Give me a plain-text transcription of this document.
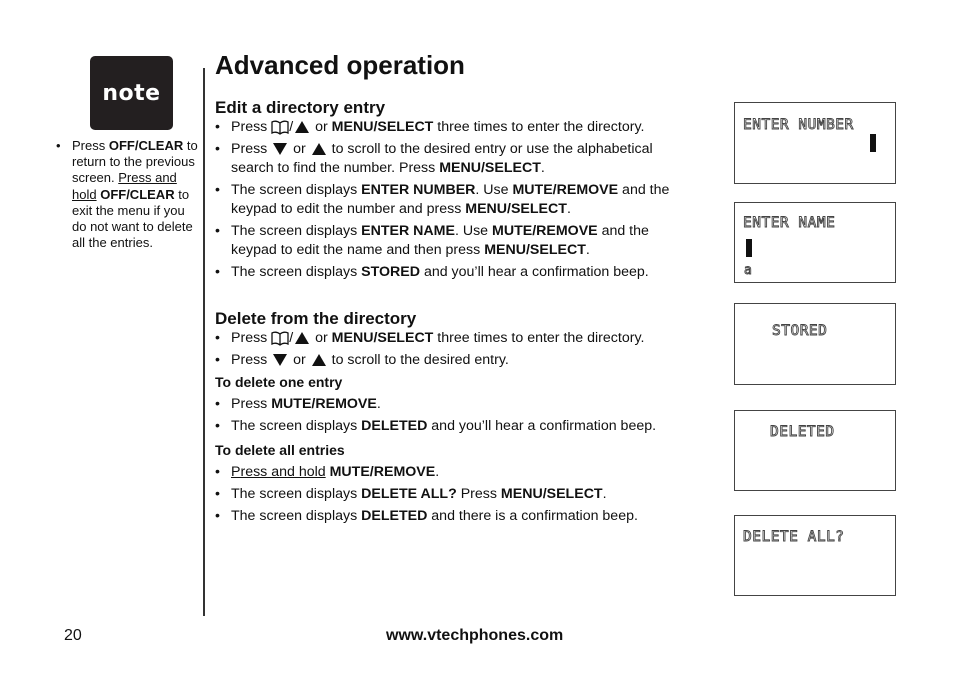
note
• Press OFF/CLEAR to return to the previous screen. Press and hold OFF/CLEAR to exit the menu if you do not want to delete all the entries.
Advanced operation
Edit a directory entry
• Press / or MENU/SELECT three times to enter the directory.
• Press  or  to scroll to the desired entry or use the alphabetical search to find the number. Press MENU/SELECT.
• The screen displays ENTER NUMBER. Use MUTE/REMOVE and the keypad to edit the number and press MENU/SELECT.
• The screen displays ENTER NAME. Use MUTE/REMOVE and the keypad to edit the name and then press MENU/SELECT.
• The screen displays STORED and you’ll hear a confirmation beep.
Delete from the directory
• Press / or MENU/SELECT three times to enter the directory.
• Press  or  to scroll to the desired entry.

To delete one entry

• Press MUTE/REMOVE.
• The screen displays DELETED and you’ll hear a confirmation beep.

To delete all entries

• Press and hold MUTE/REMOVE.
• The screen displays DELETE ALL? Press MENU/SELECT.
• The screen displays DELETED and there is a confirmation beep.
ENTER NUMBER
ENTER NAME
a
STORED
DELETED
DELETE ALL?
20	www.vtechphones.com
